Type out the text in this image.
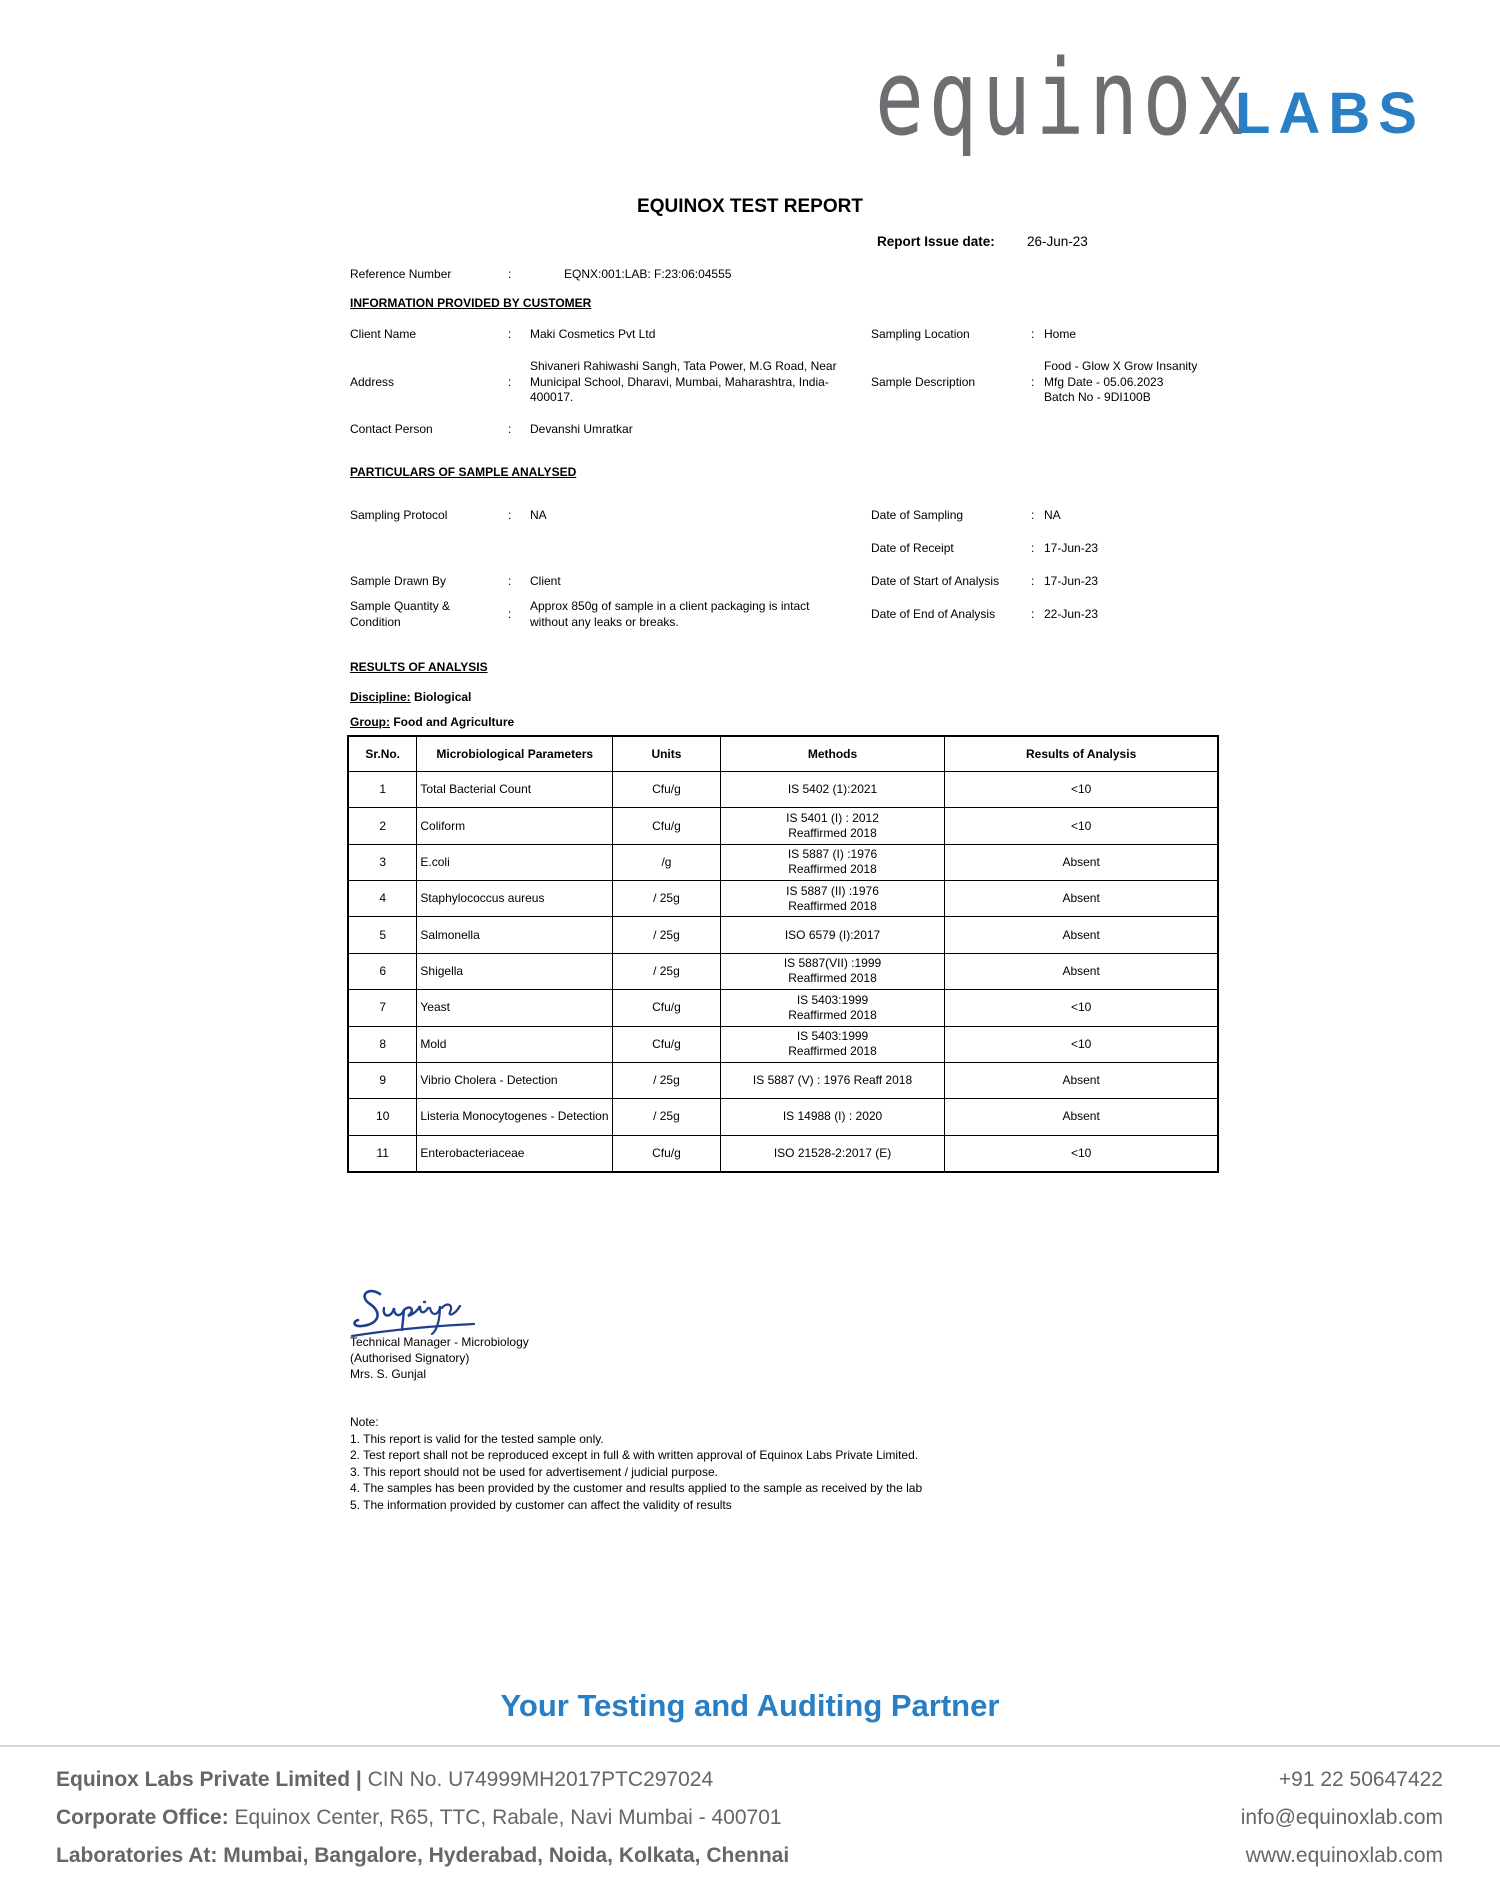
equinox
LABS
EQUINOX TEST REPORT
Report Issue date: 26-Jun-23
Reference Number	:	EQNX:001:LAB: F:23:06:04555
INFORMATION PROVIDED BY CUSTOMER
Client Name	: Maki Cosmetics Pvt Ltd
Address	:
Shivaneri Rahiwashi Sangh, Tata Power, M.G Road, Near
Municipal School, Dharavi, Mumbai, Maharashtra, India-
400017.
Contact Person	: Devanshi Umratkar
Sampling Location	: Home
Sample Description	:
Food - Glow X Grow Insanity
Mfg Date - 05.06.2023
Batch No - 9DI100B
PARTICULARS OF SAMPLE ANALYSED
Sampling Protocol	: NA
Sample Drawn By	: Client
Sample Quantity &
Condition
:
Approx 850g of sample in a client packaging is intact
without any leaks or breaks.
Date of Sampling	: NA
Date of Receipt	: 17-Jun-23
Date of Start of Analysis	: 17-Jun-23
Date of End of Analysis	: 22-Jun-23
RESULTS OF ANALYSIS
Discipline: Biological
Group: Food and Agriculture
Sr.No.	Microbiological Parameters	Units	Methods	Results of Analysis
1	Total Bacterial Count	Cfu/g	IS 5402 (1):2021	<10
2	Coliform	Cfu/g	IS 5401 (I) : 2012
Reaffirmed 2018	<10
3	E.coli	/g	IS 5887 (I) :1976
Reaffirmed 2018	Absent
4	Staphylococcus aureus	/ 25g	IS 5887 (II) :1976
Reaffirmed 2018	Absent
5	Salmonella	/ 25g	ISO 6579 (I):2017	Absent
6	Shigella	/ 25g	IS 5887(VII) :1999
Reaffirmed 2018	Absent
7	Yeast	Cfu/g	IS 5403:1999
Reaffirmed 2018	<10
8	Mold	Cfu/g	IS 5403:1999
Reaffirmed 2018	<10
9	Vibrio Cholera - Detection	/ 25g	IS 5887 (V) : 1976 Reaff 2018	Absent
10	Listeria Monocytogenes - Detection	/ 25g	IS 14988 (I) : 2020	Absent
11	Enterobacteriaceae	Cfu/g	ISO 21528-2:2017 (E)	<10
Technical Manager - Microbiology
(Authorised Signatory)
Mrs. S. Gunjal
Note:
1. This report is valid for the tested sample only.
2. Test report shall not be reproduced except in full & with written approval of Equinox Labs Private Limited.
3. This report should not be used for advertisement / judicial purpose.
4. The samples has been provided by the customer and results applied to the sample as received by the lab
5. The information provided by customer can affect the validity of results
Your Testing and Auditing Partner
Equinox Labs Private Limited | CIN No. U74999MH2017PTC297024
Corporate Office: Equinox Center, R65, TTC, Rabale, Navi Mumbai - 400701
Laboratories At: Mumbai, Bangalore, Hyderabad, Noida, Kolkata, Chennai
+91 22 50647422
info@equinoxlab.com
www.equinoxlab.com
